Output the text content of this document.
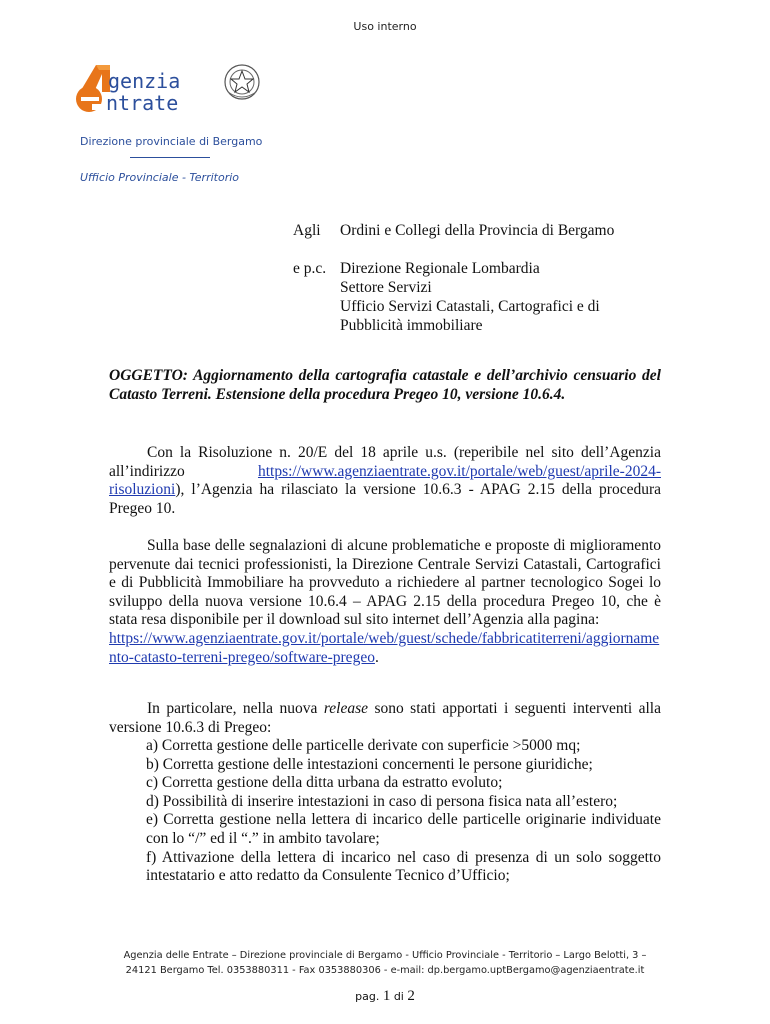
Uso interno
genzia
ntrate
Direzione provinciale di Bergamo
Ufficio Provinciale - Territorio
Agli Ordini e Collegi della Provincia di Bergamo
e p.c. Direzione Regionale Lombardia
Settore Servizi
Ufficio Servizi Catastali, Cartografici e di
Pubblicità immobiliare
OGGETTO: Aggiornamento della cartografia catastale e dell’archivio censuario del Catasto Terreni. Estensione della procedura Pregeo 10, versione 10.6.4.
Con la Risoluzione n. 20/E del 18 aprile u.s. (reperibile nel sito dell’Agenzia all’indirizzo https://www.agenziaentrate.gov.it/portale/web/guest/aprile-2024-risoluzioni), l’Agenzia ha rilasciato la versione 10.6.3 - APAG 2.15 della procedura Pregeo 10.
Sulla base delle segnalazioni di alcune problematiche e proposte di miglioramento pervenute dai tecnici professionisti, la Direzione Centrale Servizi Catastali, Cartografici e di Pubblicità Immobiliare ha provveduto a richiedere al partner tecnologico Sogei lo sviluppo della nuova versione 10.6.4 – APAG 2.15 della procedura Pregeo 10, che è stata resa disponibile per il download sul sito internet dell’Agenzia alla pagina:
https://www.agenziaentrate.gov.it/portale/web/guest/schede/fabbricatiterreni/aggiornamento-catasto-terreni-pregeo/software-pregeo.
In particolare, nella nuova release sono stati apportati i seguenti interventi alla versione 10.6.3 di Pregeo:

a) Corretta gestione delle particelle derivate con superficie >5000 mq;

b) Corretta gestione delle intestazioni concernenti le persone giuridiche;

c) Corretta gestione della ditta urbana da estratto evoluto;

d) Possibilità di inserire intestazioni in caso di persona fisica nata all’estero;

e) Corretta gestione nella lettera di incarico delle particelle originarie individuate con lo “/” ed il “.” in ambito tavolare;

f) Attivazione della lettera di incarico nel caso di presenza di un solo soggetto intestatario e atto redatto da Consulente Tecnico d’Ufficio;

Agenzia delle Entrate – Direzione provinciale di Bergamo - Ufficio Provinciale - Territorio – Largo Belotti, 3 –
24121 Bergamo Tel. 0353880311 - Fax 0353880306 - e-mail: dp.bergamo.uptBergamo@agenziaentrate.it
pag. 1 di 2
